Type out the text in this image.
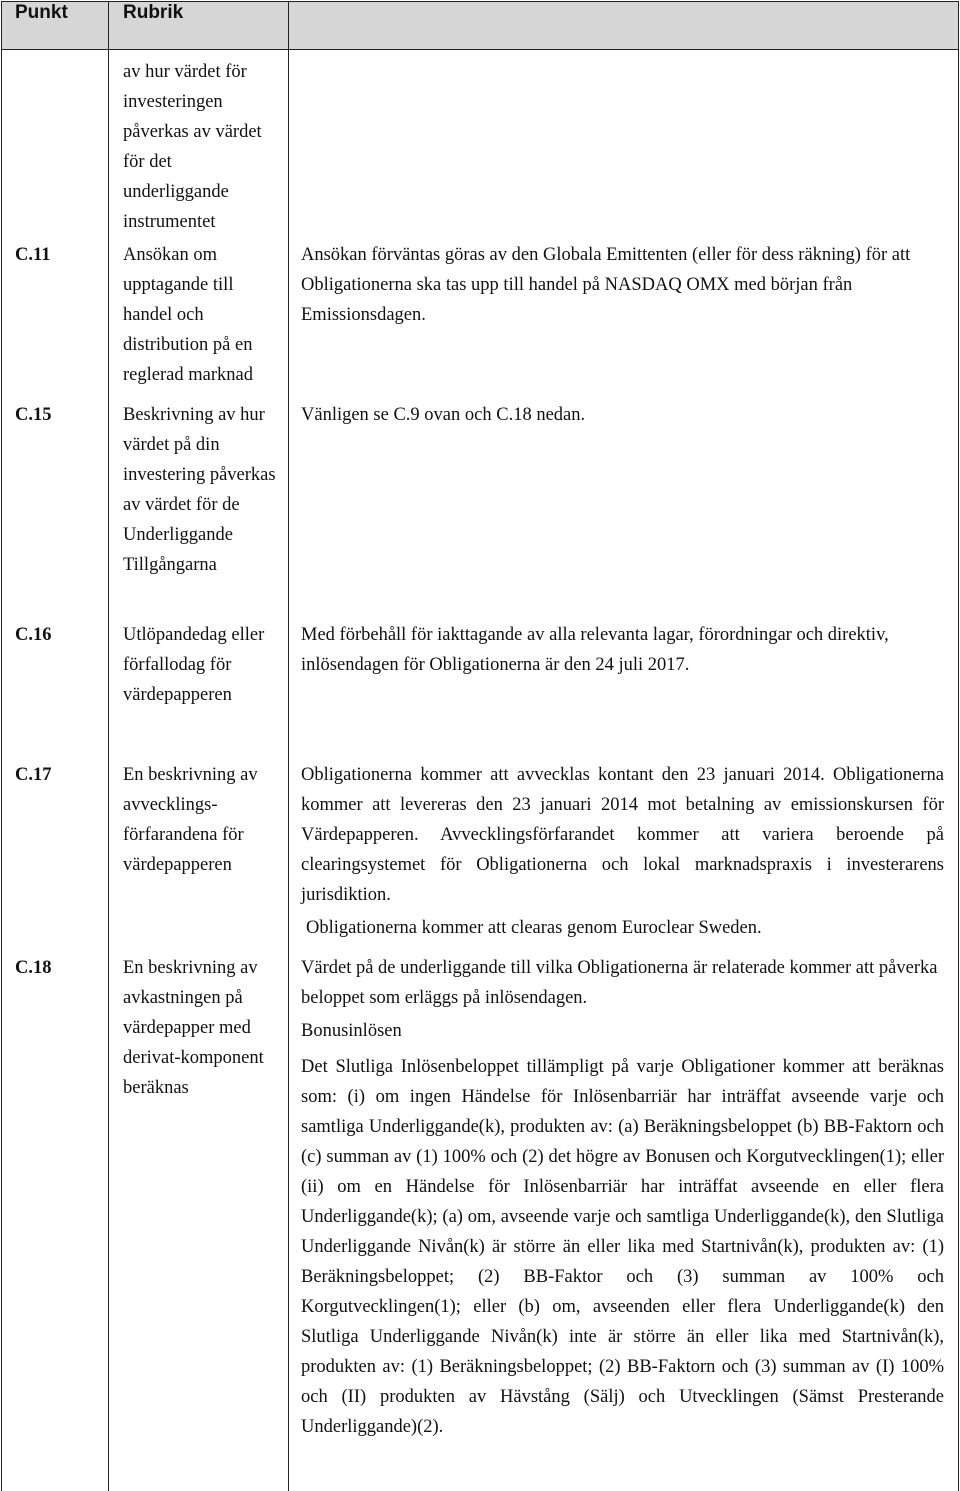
Punkt	Rubrik	

	av hur värdet för investeringen påverkas av värdet för det underliggande instrumentet	

C.11	Ansökan om upptagande till handel och distribution på en reglerad marknad	Ansökan förväntas göras av den Globala Emittenten (eller för dess räkning) för att Obligationerna ska tas upp till handel på NASDAQ OMX med början från Emissionsdagen.

C.15	Beskrivning av hur värdet på din investering påverkas av värdet för de Underliggande Tillgångarna	Vänligen se C.9 ovan och C.18 nedan.

C.16	Utlöpandedag eller förfallodag för värdepapperen	Med förbehåll för iakttagande av alla relevanta lagar, förordningar och direktiv, inlösendagen för Obligationerna är den 24 juli 2017.

C.17	En beskrivning av avvecklings-förfarandena för värdepapperen	Obligationerna kommer att avvecklas kontant den 23 januari 2014. Obligationerna kommer att levereras den 23 januari 2014 mot betalning av emissionskursen för Värdepapperen. Avvecklingsförfarandet kommer att variera beroende på clearingsystemet för Obligationerna och lokal marknadspraxis i investerarens jurisdiktion.
Obligationerna kommer att clearas genom Euroclear Sweden.

C.18	En beskrivning av avkastningen på värdepapper med derivat-komponent beräknas	Värdet på de underliggande till vilka Obligationerna är relaterade kommer att påverka beloppet som erläggs på inlösendagen.
Bonusinlösen
Det Slutliga Inlösenbeloppet tillämpligt på varje Obligationer kommer att beräknas som: (i) om ingen Händelse för Inlösenbarriär har inträffat avseende varje och samtliga Underliggande(k), produkten av: (a) Beräkningsbeloppet (b) BB-Faktorn och (c) summan av (1) 100% och (2) det högre av Bonusen och Korgutvecklingen(1); eller (ii) om en Händelse för Inlösenbarriär har inträffat avseende en eller flera Underliggande(k); (a) om, avseende varje och samtliga Underliggande(k), den Slutliga Underliggande Nivån(k) är större än eller lika med Startnivån(k), produkten av: (1) Beräkningsbeloppet; (2) BB-Faktor och (3) summan av 100% och Korgutvecklingen(1); eller (b) om, avseenden eller flera Underliggande(k) den Slutliga Underliggande Nivån(k) inte är större än eller lika med Startnivån(k), produkten av: (1) Beräkningsbeloppet; (2) BB-Faktorn och (3) summan av (I) 100% och (II) produkten av Hävstång (Sälj) och Utvecklingen (Sämst Presterande Underliggande)(2).
